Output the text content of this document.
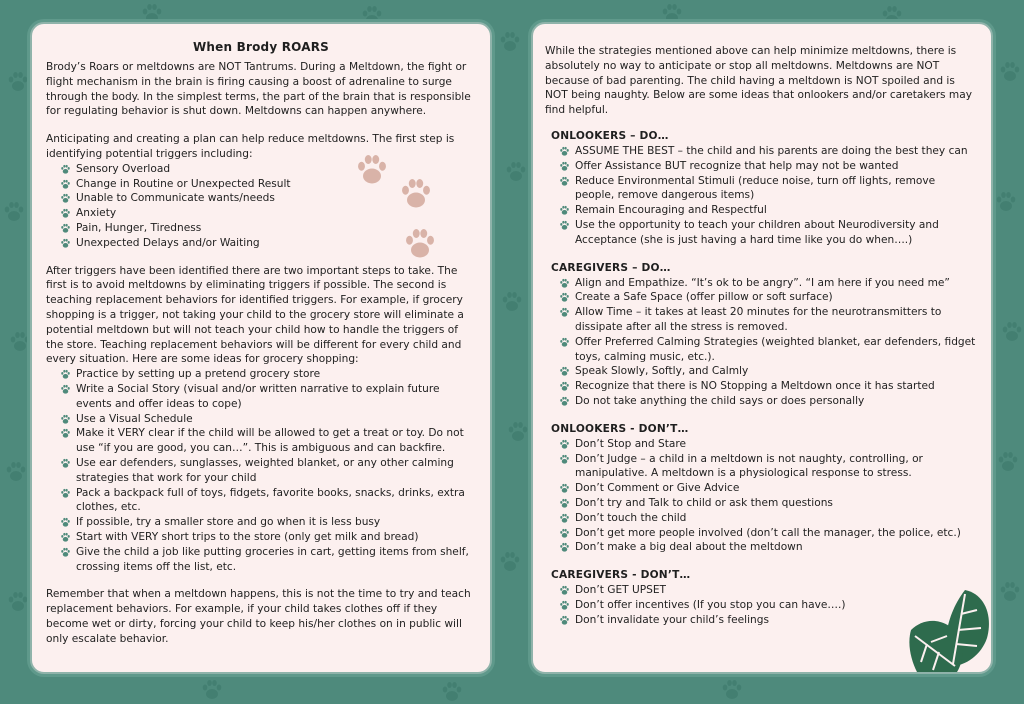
When Brody ROARS

Brody’s Roars or meltdowns are NOT Tantrums. During a Meltdown, the fight or flight mechanism in the brain is firing causing a boost of adrenaline to surge through the body. In the simplest terms, the part of the brain that is responsible for regulating behavior is shut down. Meltdowns can happen anywhere.

Anticipating and creating a plan can help reduce meltdowns. The first step is identifying potential triggers including:

Sensory Overload
Change in Routine or Unexpected Result
Unable to Communicate wants/needs
Anxiety
Pain, Hunger, Tiredness
Unexpected Delays and/or Waiting

After triggers have been identified there are two important steps to take. The first is to avoid meltdowns by eliminating triggers if possible. The second is teaching replacement behaviors for identified triggers. For example, if grocery shopping is a trigger, not taking your child to the grocery store will eliminate a potential meltdown but will not teach your child how to handle the triggers of the store. Teaching replacement behaviors will be different for every child and every situation. Here are some ideas for grocery shopping:

Practice by setting up a pretend grocery store
Write a Social Story (visual and/or written narrative to explain future events and offer ideas to cope)
Use a Visual Schedule
Make it VERY clear if the child will be allowed to get a treat or toy. Do not use “if you are good, you can…”. This is ambiguous and can backfire.
Use ear defenders, sunglasses, weighted blanket, or any other calming strategies that work for your child
Pack a backpack full of toys, fidgets, favorite books, snacks, drinks, extra clothes, etc.
If possible, try a smaller store and go when it is less busy
Start with VERY short trips to the store (only get milk and bread)
Give the child a job like putting groceries in cart, getting items from shelf, crossing items off the list, etc.

Remember that when a meltdown happens, this is not the time to try and teach replacement behaviors. For example, if your child takes clothes off if they become wet or dirty, forcing your child to keep his/her clothes on in public will only escalate behavior.

While the strategies mentioned above can help minimize meltdowns, there is absolutely no way to anticipate or stop all meltdowns. Meltdowns are NOT because of bad parenting. The child having a meltdown is NOT spoiled and is NOT being naughty. Below are some ideas that onlookers and/or caretakers may find helpful.

ONLOOKERS – DO…
ASSUME THE BEST – the child and his parents are doing the best they can
Offer Assistance BUT recognize that help may not be wanted
Reduce Environmental Stimuli (reduce noise, turn off lights, remove people, remove dangerous items)
Remain Encouraging and Respectful
Use the opportunity to teach your children about Neurodiversity and Acceptance (she is just having a hard time like you do when….)
CAREGIVERS – DO…
Align and Empathize. “It’s ok to be angry”. “I am here if you need me”
Create a Safe Space (offer pillow or soft surface)
Allow Time – it takes at least 20 minutes for the neurotransmitters to dissipate after all the stress is removed.
Offer Preferred Calming Strategies (weighted blanket, ear defenders, fidget toys, calming music, etc.).
Speak Slowly, Softly, and Calmly
Recognize that there is NO Stopping a Meltdown once it has started
Do not take anything the child says or does personally
ONLOOKERS - DON’T…
Don’t Stop and Stare
Don’t Judge – a child in a meltdown is not naughty, controlling, or manipulative. A meltdown is a physiological response to stress.
Don’t Comment or Give Advice
Don’t try and Talk to child or ask them questions
Don’t touch the child
Don’t get more people involved (don’t call the manager, the police, etc.)
Don’t make a big deal about the meltdown
CAREGIVERS - DON’T…
Don’t GET UPSET
Don’t offer incentives (If you stop you can have….)
Don’t invalidate your child’s feelings
